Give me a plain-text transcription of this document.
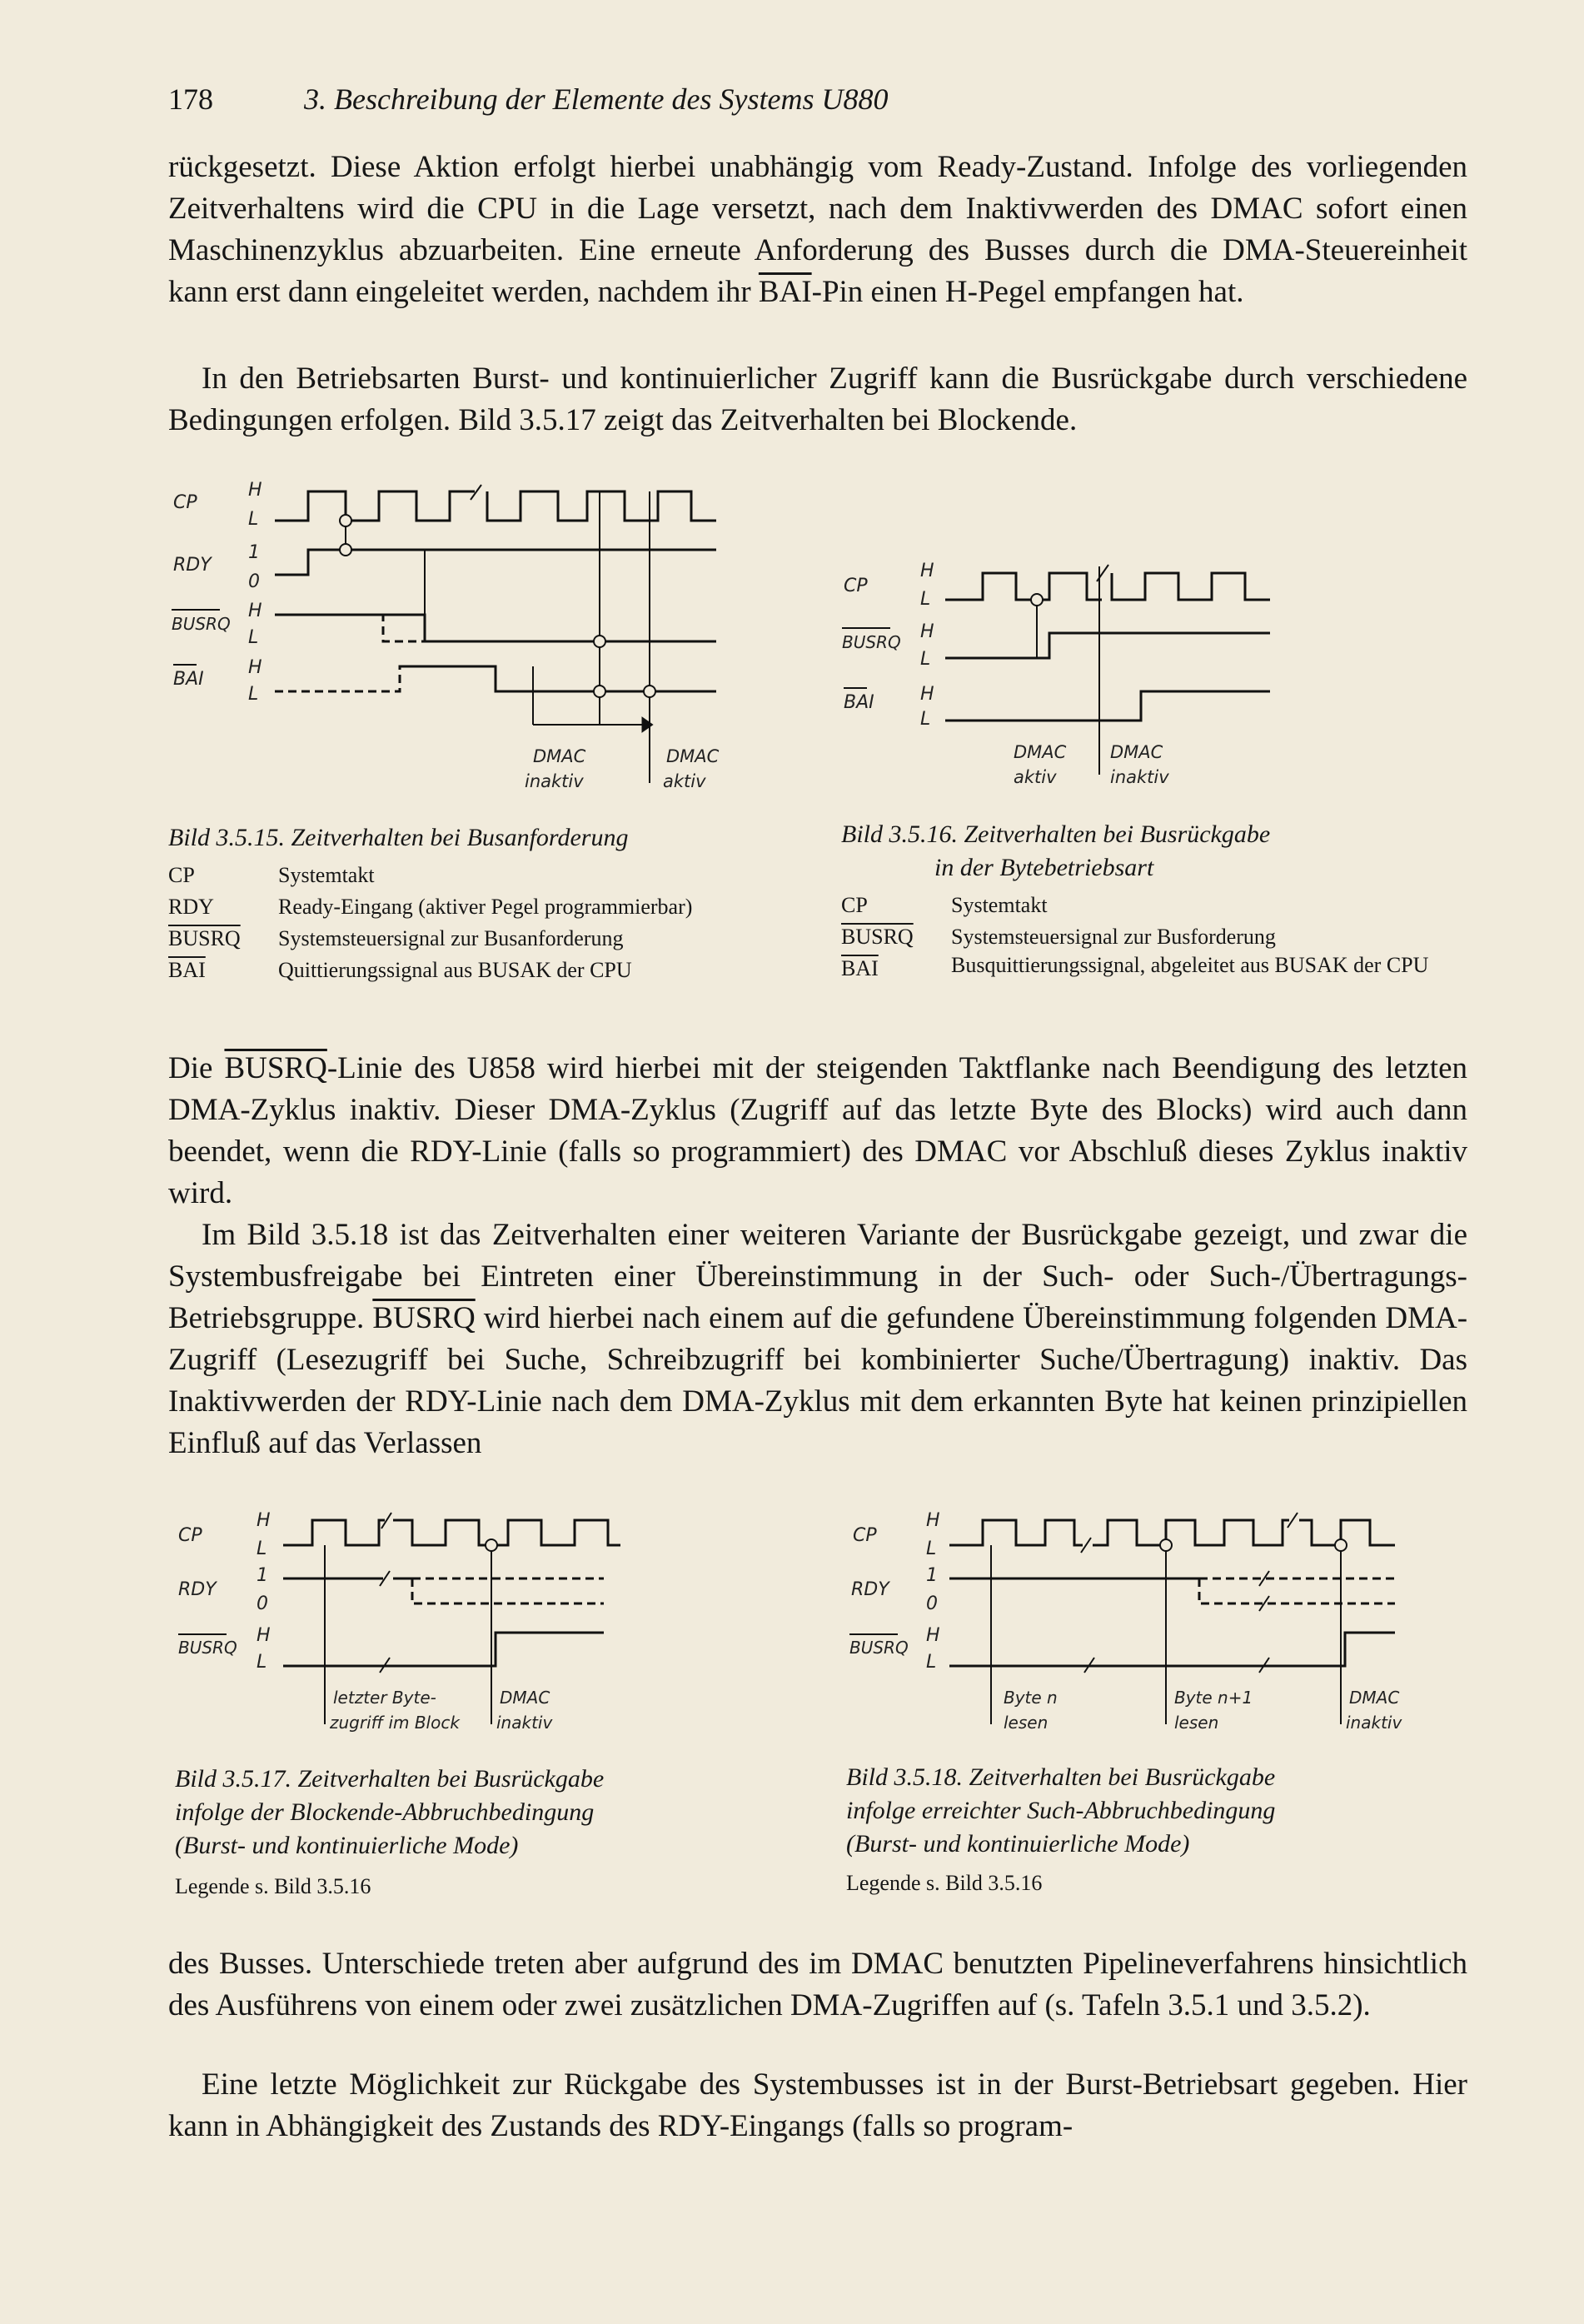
178	3. Beschreibung der Elemente des Systems U880

rückgesetzt. Diese Aktion erfolgt hierbei unabhängig vom Ready-Zustand. Infolge des vorliegenden Zeitverhaltens wird die CPU in die Lage versetzt, nach dem Inaktivwerden des DMAC sofort einen Maschinenzyklus abzuarbeiten. Eine erneute Anforderung des Busses durch die DMA-Steuereinheit kann erst dann eingeleitet werden, nachdem ihr $\overline{BAI}$-Pin einen H-Pegel empfangen hat.

In den Betriebsarten Burst- und kontinuierlicher Zugriff kann die Busrückgabe durch verschiedene Bedingungen erfolgen. Bild 3.5.17 zeigt das Zeitverhalten bei Blockende.

CP
RDY
BUSRQ
BAI
H
L
1
0
H
L
H
L
DMAC
inaktiv
DMAC
aktiv
Bild 3.5.15. Zeitverhalten bei Busanforderung
CP	Systemtakt
RDY	Ready-Eingang (aktiver Pegel programmierbar)
BUSRQ	Systemsteuersignal zur Busanforderung
$\overline{BAI}$	Quittierungssignal aus BUSAK der CPU
CP
BUSRQ
BAI
H
L
H
L
H
L
DMAC
aktiv
DMAC
inaktiv
Bild 3.5.16. Zeitverhalten bei Busrückgabe
in der Bytebetriebsart
CP	Systemtakt
BUSRQ	Systemsteuersignal zur Busforderung
$\overline{BAI}$	Busquittierungssignal, abgeleitet aus BUSAK der CPU

Die BUSRQ-Linie des U858 wird hierbei mit der steigenden Taktflanke nach Beendigung des letzten DMA-Zyklus inaktiv. Dieser DMA-Zyklus (Zugriff auf das letzte Byte des Blocks) wird auch dann beendet, wenn die RDY-Linie (falls so programmiert) des DMAC vor Abschluß dieses Zyklus inaktiv wird.

Im Bild 3.5.18 ist das Zeitverhalten einer weiteren Variante der Busrückgabe gezeigt, und zwar die Systembusfreigabe bei Eintreten einer Übereinstimmung in der Such- oder Such-/Übertragungs-Betriebsgruppe. BUSRQ wird hierbei nach einem auf die gefundene Übereinstimmung folgenden DMA-Zugriff (Lesezugriff bei Suche, Schreibzugriff bei kombinierter Suche/Übertragung) inaktiv. Das Inaktivwerden der RDY-Linie nach dem DMA-Zyklus mit dem erkannten Byte hat keinen prinzipiellen Einfluß auf das Verlassen

CP
RDY
BUSRQ
H
L
1
0
H
L
letzter Byte-
zugriff im Block
DMAC
inaktiv
Bild 3.5.17. Zeitverhalten bei Busrückgabe
infolge der Blockende-Abbruchbedingung
(Burst- und kontinuierliche Mode)
Legende s. Bild 3.5.16
CP
RDY
BUSRQ
H
L
1
0
H
L
Byte n
lesen
Byte n+1
lesen
DMAC
inaktiv
Bild 3.5.18. Zeitverhalten bei Busrückgabe
infolge erreichter Such-Abbruchbedingung
(Burst- und kontinuierliche Mode)
Legende s. Bild 3.5.16

des Busses. Unterschiede treten aber aufgrund des im DMAC benutzten Pipelineverfahrens hinsichtlich des Ausführens von einem oder zwei zusätzlichen DMA-Zugriffen auf (s. Tafeln 3.5.1 und 3.5.2).

Eine letzte Möglichkeit zur Rückgabe des Systembusses ist in der Burst-Betriebsart gegeben. Hier kann in Abhängigkeit des Zustands des RDY-Eingangs (falls so program-
